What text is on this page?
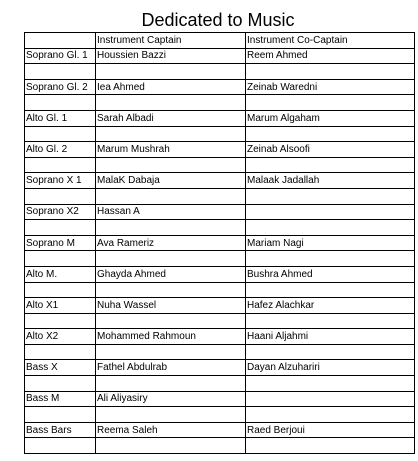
Dedicated to Music
	Instrument Captain	Instrument Co-Captain
Soprano Gl. 1	Houssien Bazzi	Reem Ahmed

Soprano Gl. 2	Iea Ahmed	Zeinab Waredni

Alto Gl. 1	Sarah Albadi	Marum Algaham

Alto Gl. 2	Marum Mushrah	Zeinab Alsoofi

Soprano X 1	MalaK Dabaja	Malaak Jadallah

Soprano X2	Hassan A	

Soprano M	Ava Rameriz	Mariam Nagi

Alto M.	Ghayda Ahmed	Bushra Ahmed

Alto X1	Nuha Wassel	Hafez Alachkar

Alto X2	Mohammed Rahmoun	Haani Aljahmi

Bass X	Fathel Abdulrab	Dayan Alzuhariri

Bass M	Ali Aliyasiry	

Bass Bars	Reema Saleh	Raed Berjoui
